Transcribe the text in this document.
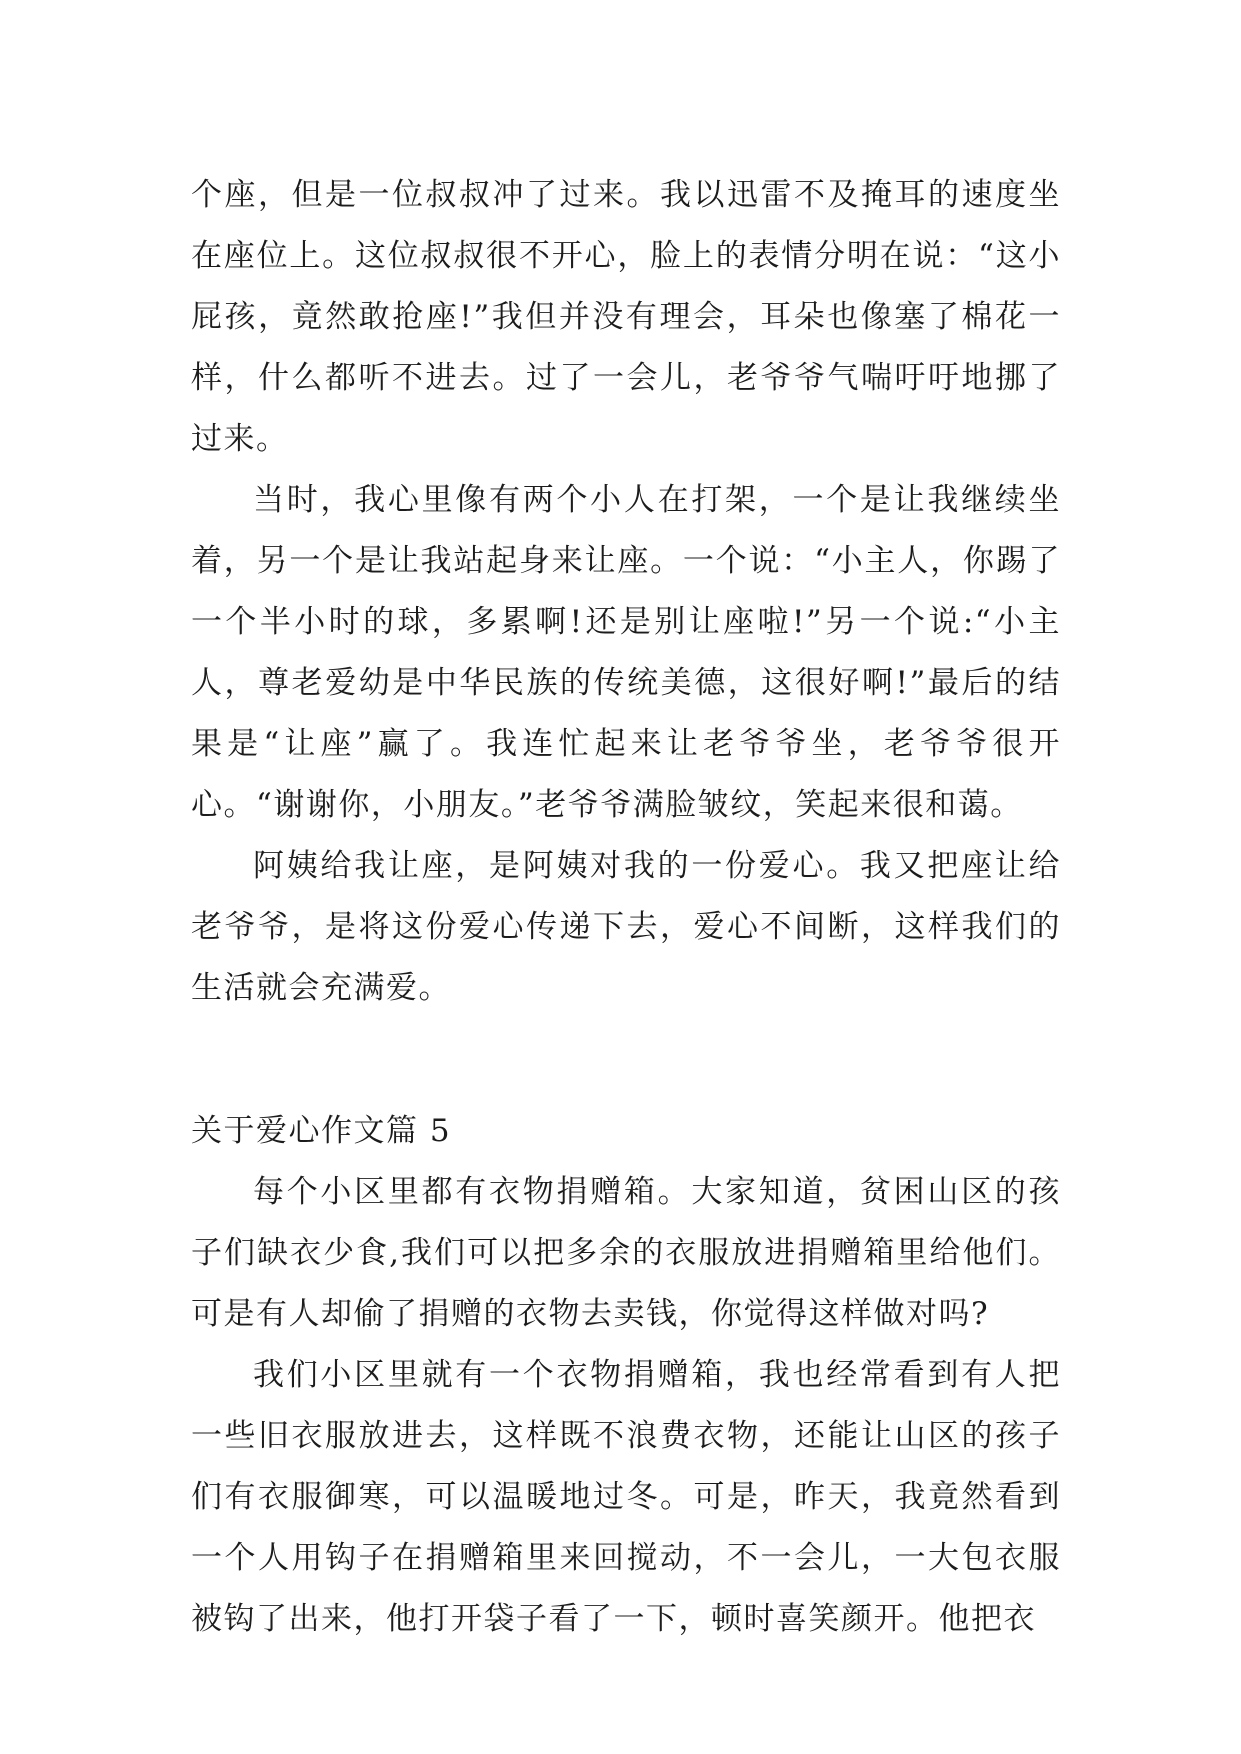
个座，但是一位叔叔冲了过来。我以迅雷不及掩耳的速度坐在座位上。这位叔叔很不开心，脸上的表情分明在说：“这小屁孩，竟然敢抢座!”我但并没有理会，耳朵也像塞了棉花一样，什么都听不进去。过了一会儿，老爷爷气喘吁吁地挪了过来。

当时，我心里像有两个小人在打架，一个是让我继续坐着，另一个是让我站起身来让座。一个说：“小主人，你踢了一个半小时的球，多累啊!还是别让座啦!”另一个说:“小主人，尊老爱幼是中华民族的传统美德，这很好啊!”最后的结果是“让座”赢了。我连忙起来让老爷爷坐，老爷爷很开心。“谢谢你，小朋友。”老爷爷满脸皱纹，笑起来很和蔼。

阿姨给我让座，是阿姨对我的一份爱心。我又把座让给老爷爷，是将这份爱心传递下去，爱心不间断，这样我们的生活就会充满爱。

关于爱心作文篇 5

每个小区里都有衣物捐赠箱。大家知道，贫困山区的孩子们缺衣少食,我们可以把多余的衣服放进捐赠箱里给他们。可是有人却偷了捐赠的衣物去卖钱，你觉得这样做对吗?

我们小区里就有一个衣物捐赠箱，我也经常看到有人把一些旧衣服放进去，这样既不浪费衣物，还能让山区的孩子们有衣服御寒，可以温暖地过冬。可是，昨天，我竟然看到一个人用钩子在捐赠箱里来回搅动，不一会儿，一大包衣服被钩了出来，他打开袋子看了一下，顿时喜笑颜开。他把衣
